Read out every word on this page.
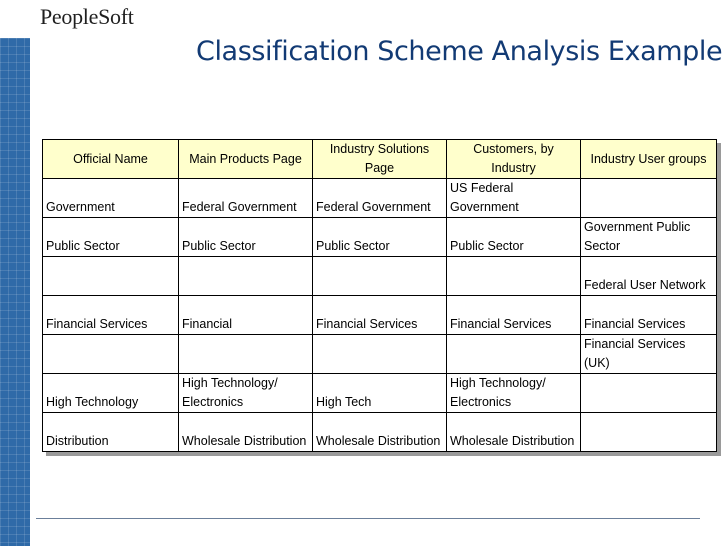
PeopleSoft
Classification Scheme Analysis Example
Official Name	Main Products Page	Industry Solutions Page	Customers, by Industry	Industry User groups
Government	Federal Government	Federal Government	US Federal Government	
Public Sector	Public Sector	Public Sector	Public Sector	Government Public Sector
				Federal User Network
Financial Services	Financial	Financial Services	Financial Services	Financial Services
				Financial Services (UK)
High Technology	High Technology/ Electronics	High Tech	High Technology/ Electronics	
Distribution	Wholesale Distribution	Wholesale Distribution	Wholesale Distribution	
